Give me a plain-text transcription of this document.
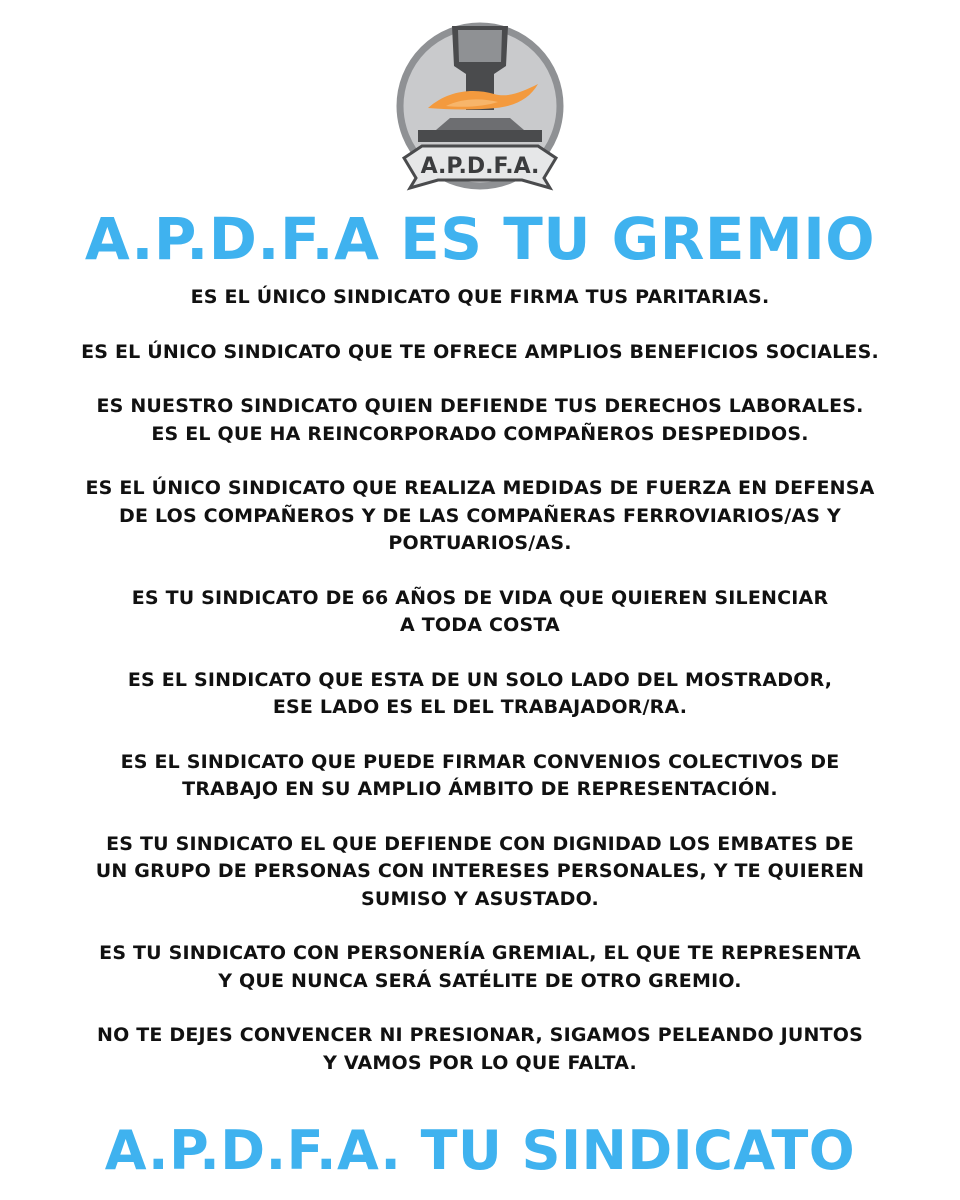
A.P.D.F.A.
A.P.D.F.A ES TU GREMIO

ES EL ÚNICO SINDICATO QUE FIRMA TUS PARITARIAS.

ES EL ÚNICO SINDICATO QUE TE OFRECE AMPLIOS BENEFICIOS SOCIALES.

ES NUESTRO SINDICATO QUIEN DEFIENDE TUS DERECHOS LABORALES.
ES EL QUE HA REINCORPORADO COMPAÑEROS DESPEDIDOS.

ES EL ÚNICO SINDICATO QUE REALIZA MEDIDAS DE FUERZA EN DEFENSA
DE LOS COMPAÑEROS Y DE LAS COMPAÑERAS FERROVIARIOS/AS Y
PORTUARIOS/AS.

ES TU SINDICATO DE 66 AÑOS DE VIDA QUE QUIEREN SILENCIAR
A TODA COSTA

ES EL SINDICATO QUE ESTA DE UN SOLO LADO DEL MOSTRADOR,
ESE LADO ES EL DEL TRABAJADOR/RA.

ES EL SINDICATO QUE PUEDE FIRMAR CONVENIOS COLECTIVOS DE
TRABAJO EN SU AMPLIO ÁMBITO DE REPRESENTACIÓN.

ES TU SINDICATO EL QUE DEFIENDE CON DIGNIDAD LOS EMBATES DE
UN GRUPO DE PERSONAS CON INTERESES PERSONALES, Y TE QUIEREN
SUMISO Y ASUSTADO.

ES TU SINDICATO CON PERSONERÍA GREMIAL, EL QUE TE REPRESENTA
Y QUE NUNCA SERÁ SATÉLITE DE OTRO GREMIO.

NO TE DEJES CONVENCER NI PRESIONAR, SIGAMOS PELEANDO JUNTOS
Y VAMOS POR LO QUE FALTA.

A.P.D.F.A. TU SINDICATO
